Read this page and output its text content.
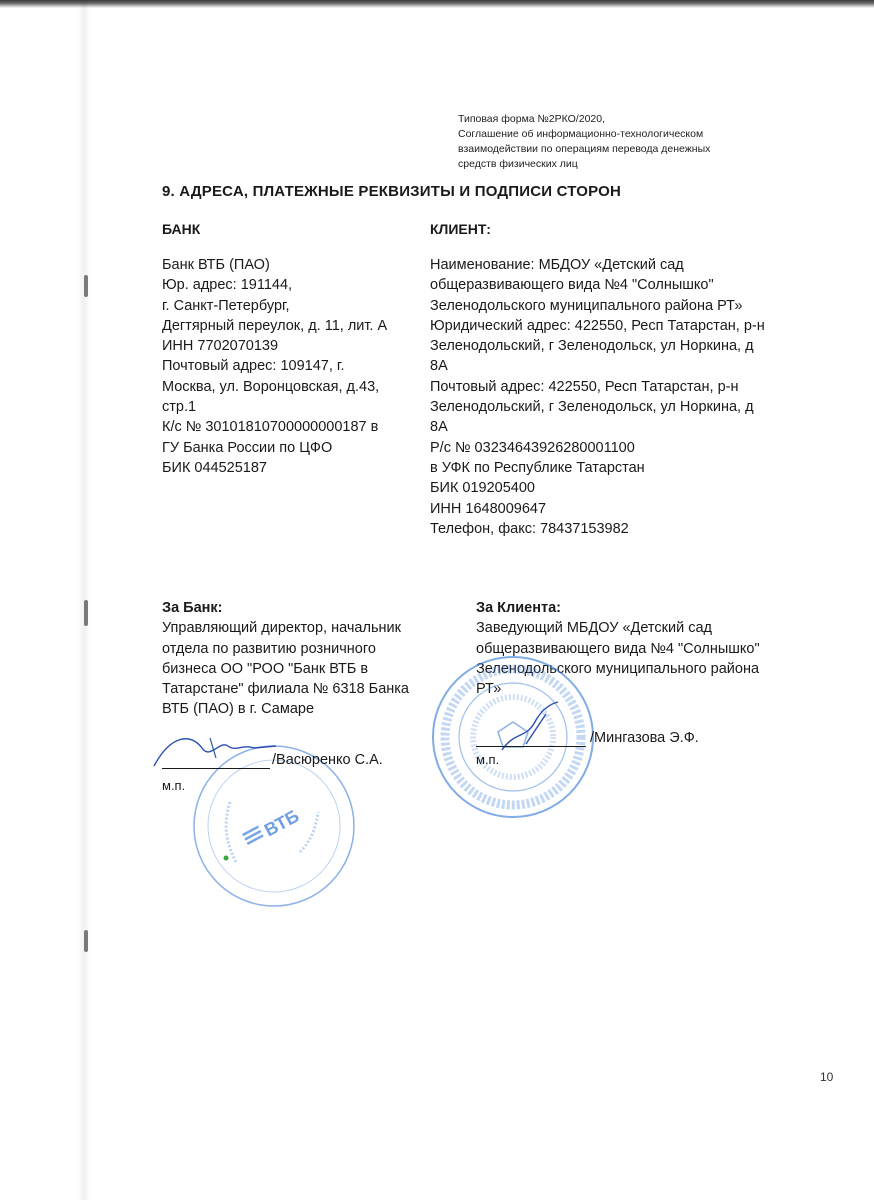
Типовая форма №2РКО/2020,
Соглашение об информационно-технологическом
взаимодействии по операциям перевода денежных
средств физических лиц
9. АДРЕСА, ПЛАТЕЖНЫЕ РЕКВИЗИТЫ И ПОДПИСИ СТОРОН
БАНК	КЛИЕНТ:
Банк ВТБ (ПАО)
Юр. адрес: 191144,
г. Санкт-Петербург,
Дегтярный переулок, д. 11, лит. А
ИНН 7702070139
Почтовый адрес: 109147, г.
Москва, ул. Воронцовская, д.43,
стр.1
К/с № 30101810700000000187 в
ГУ Банка России по ЦФО
БИК 044525187
Наименование: МБДОУ «Детский сад
общеразвивающего вида №4 "Солнышко"
Зеленодольского муниципального района РТ»
Юридический адрес: 422550, Респ Татарстан, р-н
Зеленодольский, г Зеленодольск, ул Норкина, д
8А
Почтовый адрес: 422550, Респ Татарстан, р-н
Зеленодольский, г Зеленодольск, ул Норкина, д
8А
Р/с № 03234643926280001100
в УФК по Республике Татарстан
БИК 019205400
ИНН 1648009647
Телефон, факс: 78437153982
За Банк:
Управляющий директор, начальник
отдела по развитию розничного
бизнеса ОО "РОО "Банк ВТБ в
Татарстане" филиала № 6318 Банка
ВТБ (ПАО) в г. Самаре
За Клиента:
Заведующий МБДОУ «Детский сад
общеразвивающего вида №4 "Солнышко"
Зеленодольского муниципального района
РТ»
ВТБ
/Васюренко С.А.
м.п.
/Мингазова Э.Ф.
м.п.
10
